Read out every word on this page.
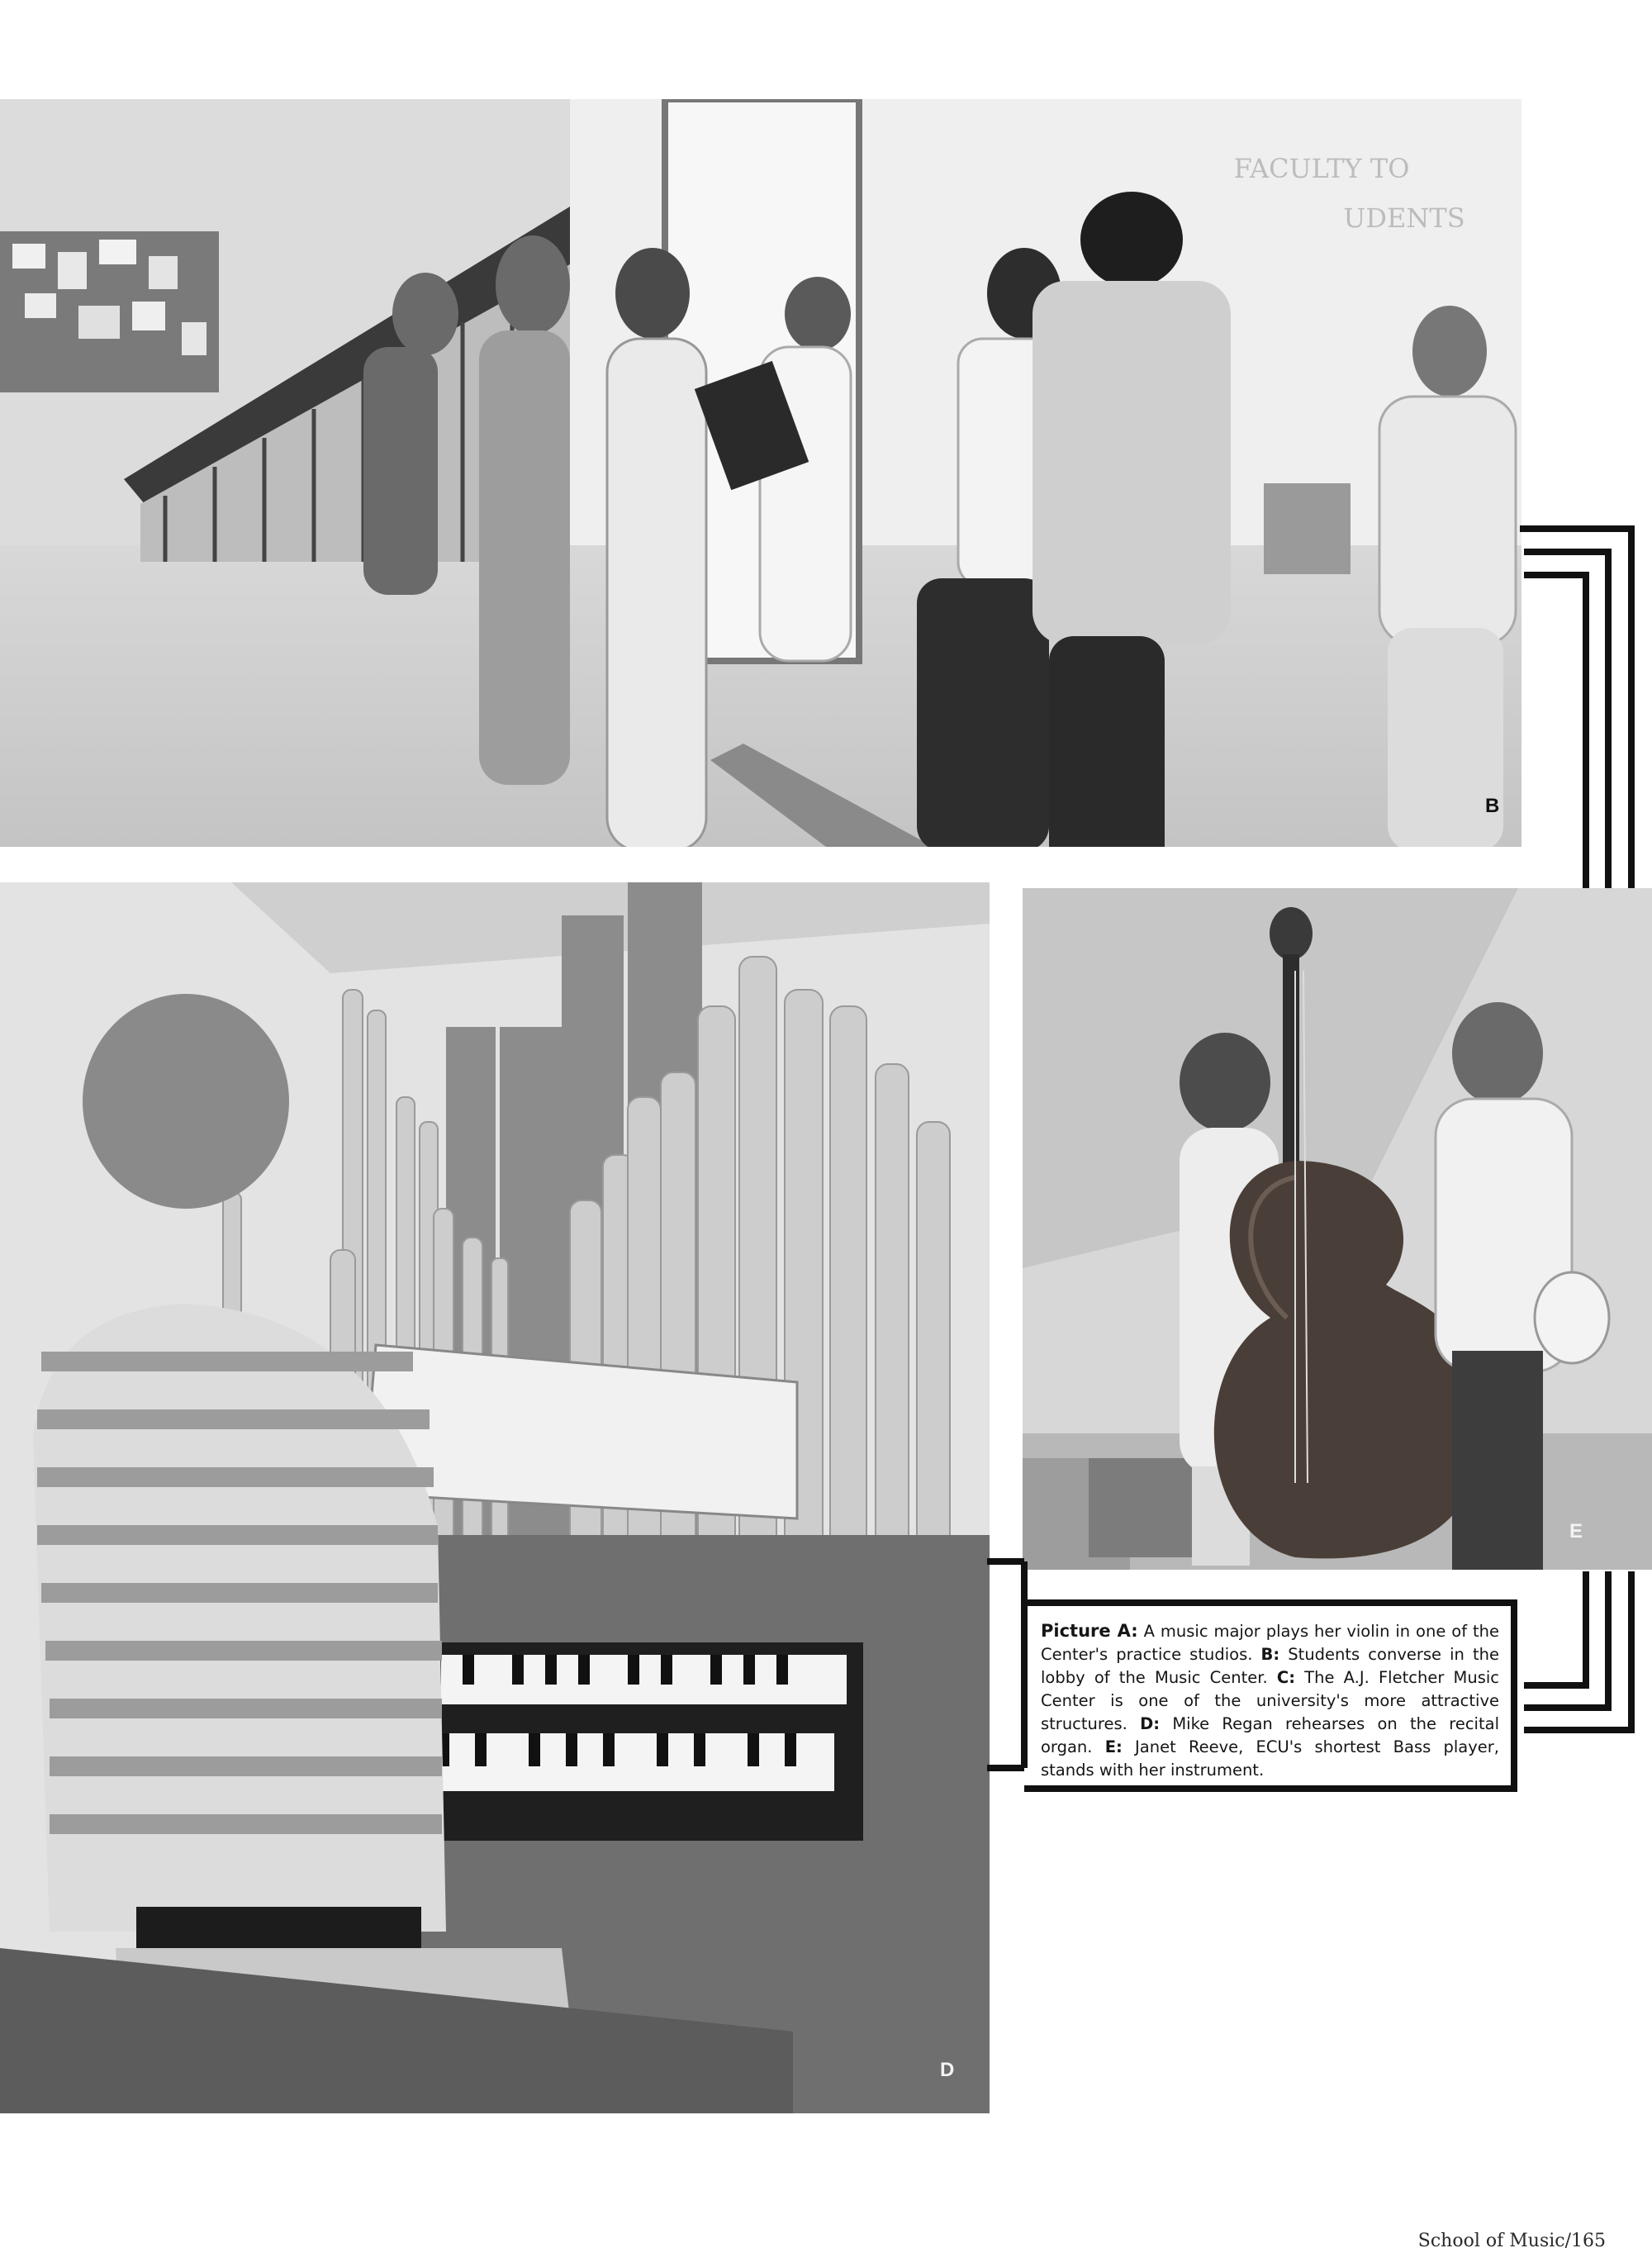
FACULTY TO
UDENTS
B
D
E
Picture A: A music major plays her violin in one of the Center's practice studios. B: Students converse in the lobby of the Music Center. C: The A.J. Fletcher Music Center is one of the university's more attractive structures. D: Mike Regan rehearses on the recital organ. E: Janet Reeve, ECU's shortest Bass player, stands with her instrument.
School of Music/165
